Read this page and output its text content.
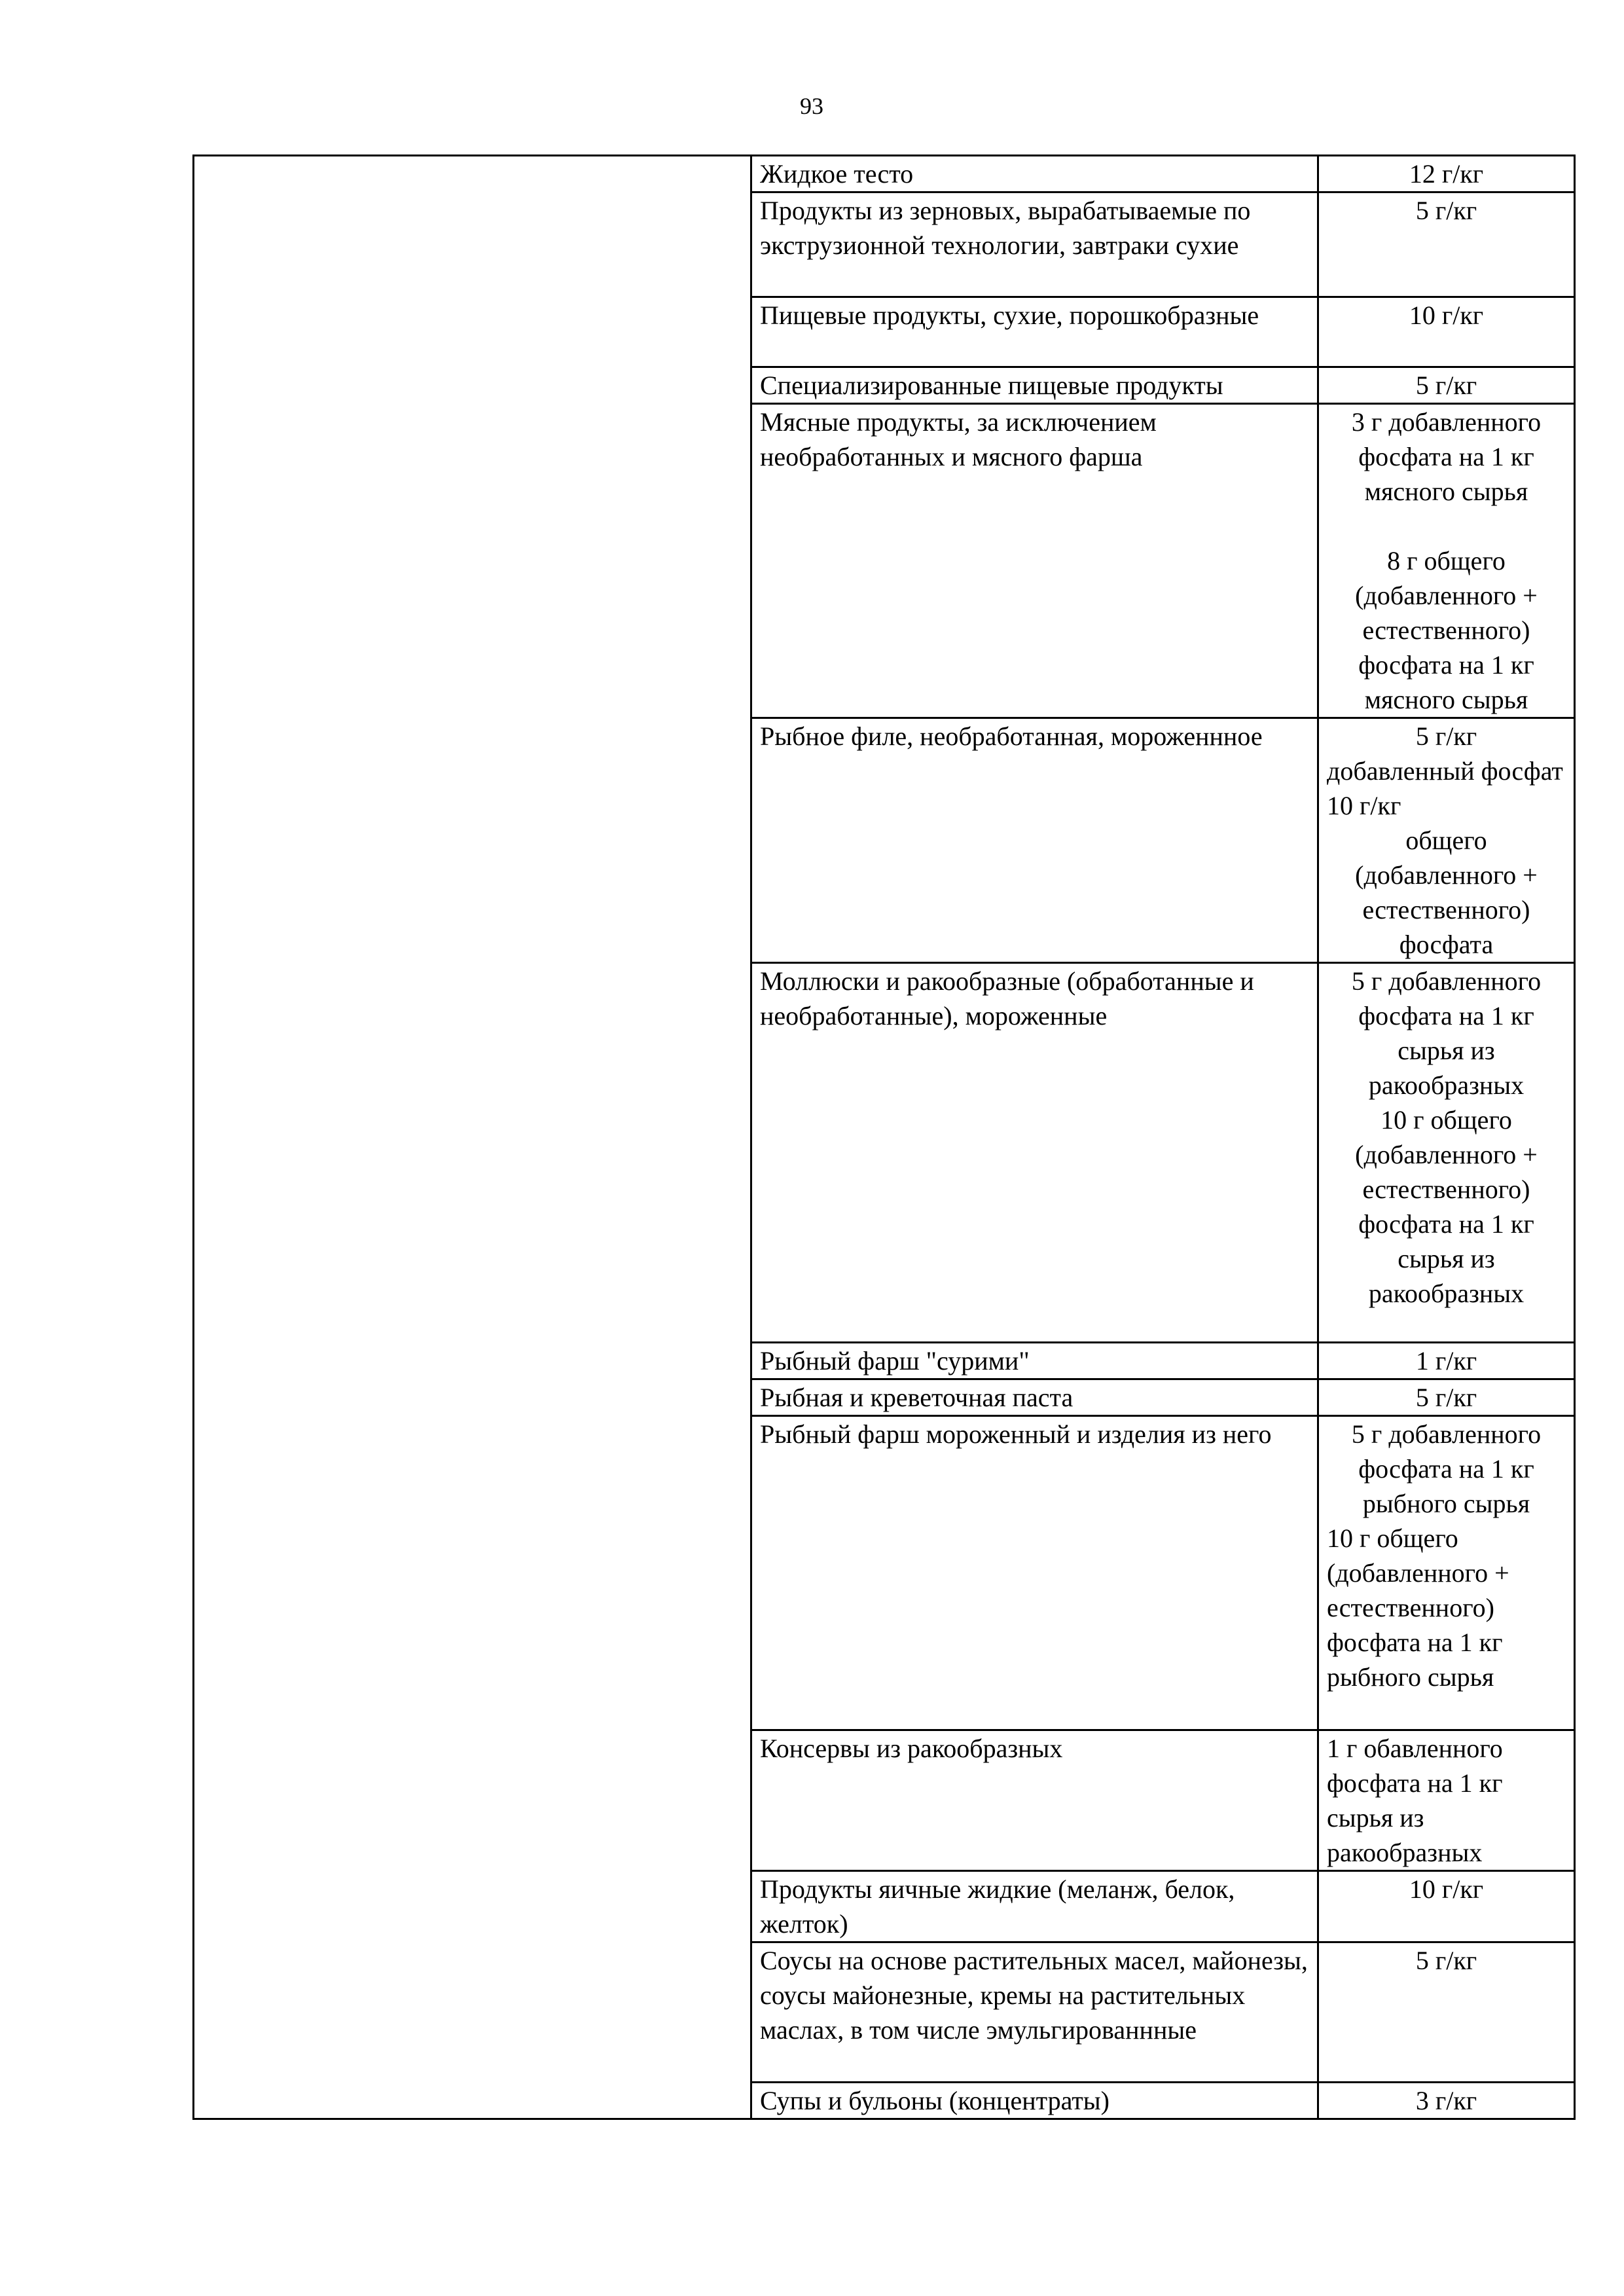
93
	Жидкое тесто	12 г/кг

	Продукты из зерновых, вырабатываемые по экструзионной технологии, завтраки сухие	5 г/кг

	Пищевые продукты, сухие, порошкобразные	10 г/кг

	Специализированные пищевые продукты	5 г/кг

	Мясные продукты, за исключением необработанных и мясного фарша	3 г добавленного фосфата на 1 кг мясного сырья
8 г общего (добавленного + естественного) фосфата на 1 кг мясного сырья

	Рыбное филе, необработанная, мороженнное	5 г/кг
добавленный фосфат 10 г/кг
общего (добавленного + естественного) фосфата

	Моллюски и ракообразные (обработанные и необработанные), мороженные	5 г добавленного фосфата на 1 кг сырья из ракообразных
10 г общего (добавленного + естественного) фосфата на 1 кг сырья из ракообразных

	Рыбный фарш "сурими"	1 г/кг

	Рыбная и креветочная паста	5 г/кг

	Рыбный фарш мороженный и изделия из него	5 г добавленного фосфата на 1 кг рыбного сырья
10 г общего (добавленного + естественного) фосфата на 1 кг рыбного сырья

	Консервы из ракообразных	1 г обавленного фосфата на 1 кг сырья из ракообразных

	Продукты яичные жидкие (меланж, белок, желток)	10 г/кг

	Соусы на основе растительных масел, майонезы, соусы майонезные, кремы на растительных маслах, в том числе эмульгированнные	5 г/кг

	Супы и бульоны (концентраты)	3 г/кг
